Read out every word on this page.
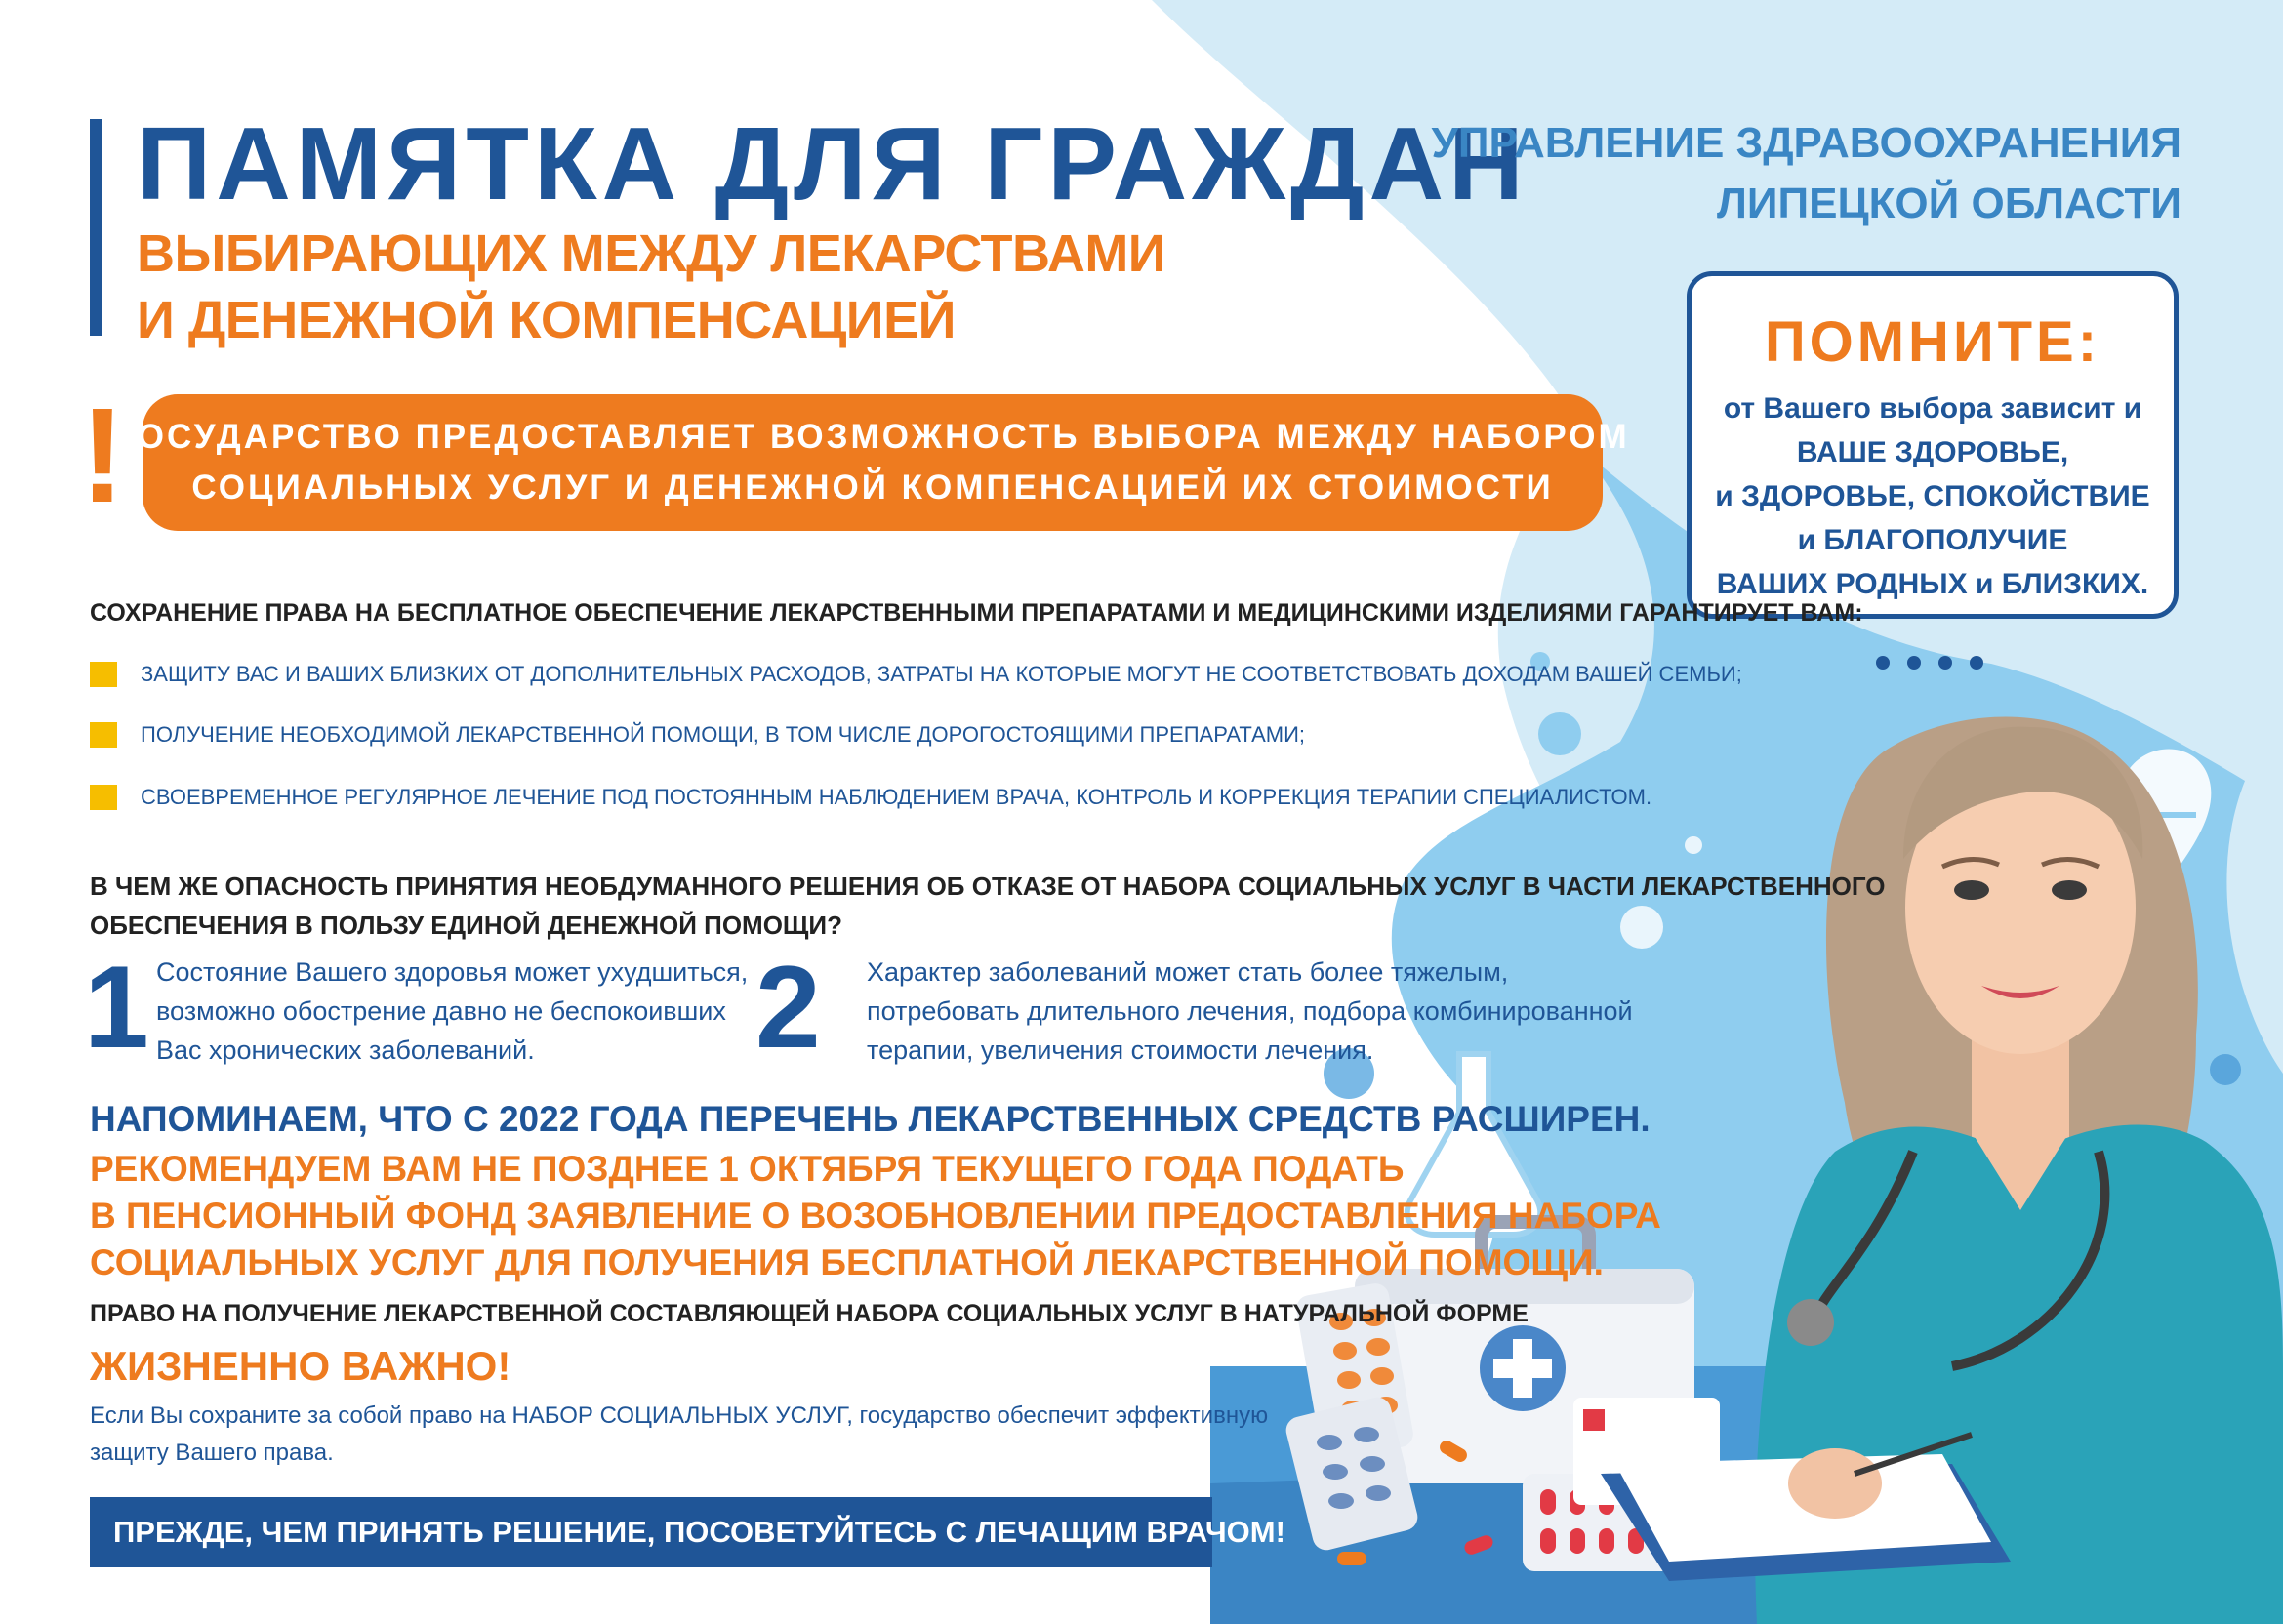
ПАМЯТКА ДЛЯ ГРАЖДАН
ВЫБИРАЮЩИХ МЕЖДУ ЛЕКАРСТВАМИ
И ДЕНЕЖНОЙ КОМПЕНСАЦИЕЙ
УПРАВЛЕНИЕ ЗДРАВООХРАНЕНИЯ
ЛИПЕЦКОЙ ОБЛАСТИ
!
ГОСУДАРСТВО ПРЕДОСТАВЛЯЕТ ВОЗМОЖНОСТЬ ВЫБОРА МЕЖДУ НАБОРОМ
СОЦИАЛЬНЫХ УСЛУГ И ДЕНЕЖНОЙ КОМПЕНСАЦИЕЙ ИХ СТОИМОСТИ
ПОМНИТЕ:
от Вашего выбора зависит и
ВАШЕ ЗДОРОВЬЕ,
и ЗДОРОВЬЕ, СПОКОЙСТВИЕ
и БЛАГОПОЛУЧИЕ
ВАШИХ РОДНЫХ и БЛИЗКИХ.
СОХРАНЕНИЕ ПРАВА НА БЕСПЛАТНОЕ ОБЕСПЕЧЕНИЕ ЛЕКАРСТВЕННЫМИ ПРЕПАРАТАМИ И МЕДИЦИНСКИМИ ИЗДЕЛИЯМИ ГАРАНТИРУЕТ ВАМ:
ЗАЩИТУ ВАС И ВАШИХ БЛИЗКИХ ОТ ДОПОЛНИТЕЛЬНЫХ РАСХОДОВ, ЗАТРАТЫ НА КОТОРЫЕ МОГУТ НЕ СООТВЕТСТВОВАТЬ ДОХОДАМ ВАШЕЙ СЕМЬИ;
ПОЛУЧЕНИЕ НЕОБХОДИМОЙ ЛЕКАРСТВЕННОЙ ПОМОЩИ, В ТОМ ЧИСЛЕ ДОРОГОСТОЯЩИМИ ПРЕПАРАТАМИ;
СВОЕВРЕМЕННОЕ РЕГУЛЯРНОЕ ЛЕЧЕНИЕ ПОД ПОСТОЯННЫМ НАБЛЮДЕНИЕМ ВРАЧА, КОНТРОЛЬ И КОРРЕКЦИЯ ТЕРАПИИ СПЕЦИАЛИСТОМ.
В ЧЕМ ЖЕ ОПАСНОСТЬ ПРИНЯТИЯ НЕОБДУМАННОГО РЕШЕНИЯ ОБ ОТКАЗЕ ОТ НАБОРА СОЦИАЛЬНЫХ УСЛУГ В ЧАСТИ ЛЕКАРСТВЕННОГО
ОБЕСПЕЧЕНИЯ В ПОЛЬЗУ ЕДИНОЙ ДЕНЕЖНОЙ ПОМОЩИ?
1 Состояние Вашего здоровья может ухудшиться,
возможно обострение давно не беспокоивших
Вас хронических заболеваний.	2 Характер заболеваний может стать более тяжелым,
потребовать длительного лечения, подбора комбинированной
терапии, увеличения стоимости лечения.
НАПОМИНАЕМ, ЧТО С 2022 ГОДА ПЕРЕЧЕНЬ ЛЕКАРСТВЕННЫХ СРЕДСТВ РАСШИРЕН.
РЕКОМЕНДУЕМ ВАМ НЕ ПОЗДНЕЕ 1 ОКТЯБРЯ ТЕКУЩЕГО ГОДА ПОДАТЬ
В ПЕНСИОННЫЙ ФОНД ЗАЯВЛЕНИЕ О ВОЗОБНОВЛЕНИИ ПРЕДОСТАВЛЕНИЯ НАБОРА
СОЦИАЛЬНЫХ УСЛУГ ДЛЯ ПОЛУЧЕНИЯ БЕСПЛАТНОЙ ЛЕКАРСТВЕННОЙ ПОМОЩИ.
ПРАВО НА ПОЛУЧЕНИЕ ЛЕКАРСТВЕННОЙ СОСТАВЛЯЮЩЕЙ НАБОРА СОЦИАЛЬНЫХ УСЛУГ В НАТУРАЛЬНОЙ ФОРМЕ
ЖИЗНЕННО ВАЖНО!
Если Вы сохраните за собой право на НАБОР СОЦИАЛЬНЫХ УСЛУГ, государство обеспечит эффективную
защиту Вашего права.
ПРЕЖДЕ, ЧЕМ ПРИНЯТЬ РЕШЕНИЕ, ПОСОВЕТУЙТЕСЬ С ЛЕЧАЩИМ ВРАЧОМ!
